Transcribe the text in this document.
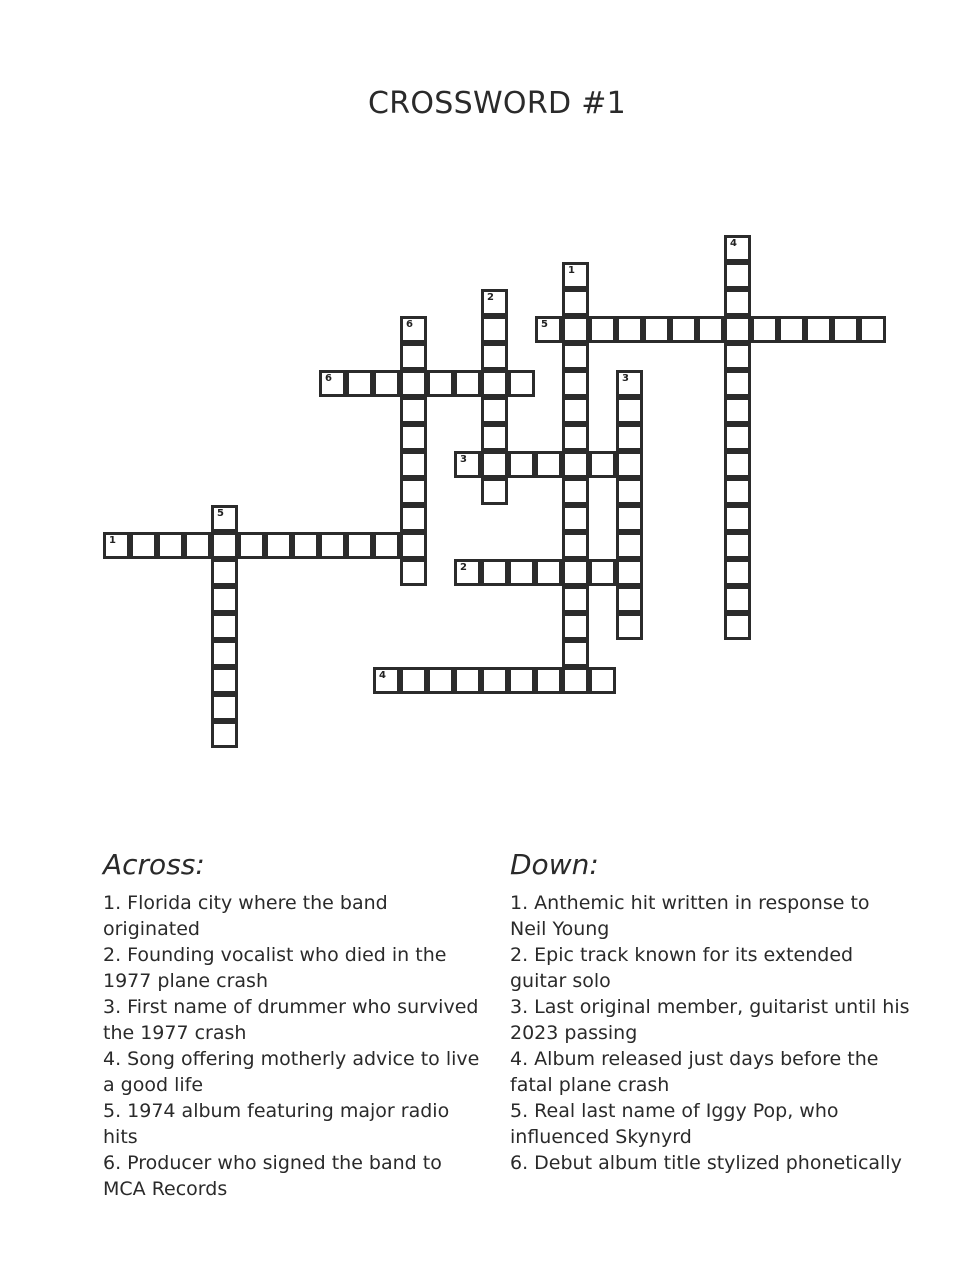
CROSSWORD #1
1
2
3
4
5
6
1
2
3
4
5
6
Across:
1. Florida city where the band originated
2. Founding vocalist who died in the 1977 plane crash
3. First name of drummer who survived the 1977 crash
4. Song offering motherly advice to live a good life
5. 1974 album featuring major radio hits
6. Producer who signed the band to MCA Records
Down:
1. Anthemic hit written in response to Neil Young
2. Epic track known for its extended guitar solo
3. Last original member, guitarist until his 2023 passing
4. Album released just days before the fatal plane crash
5. Real last name of Iggy Pop, who influenced Skynyrd
6. Debut album title stylized phonetically
